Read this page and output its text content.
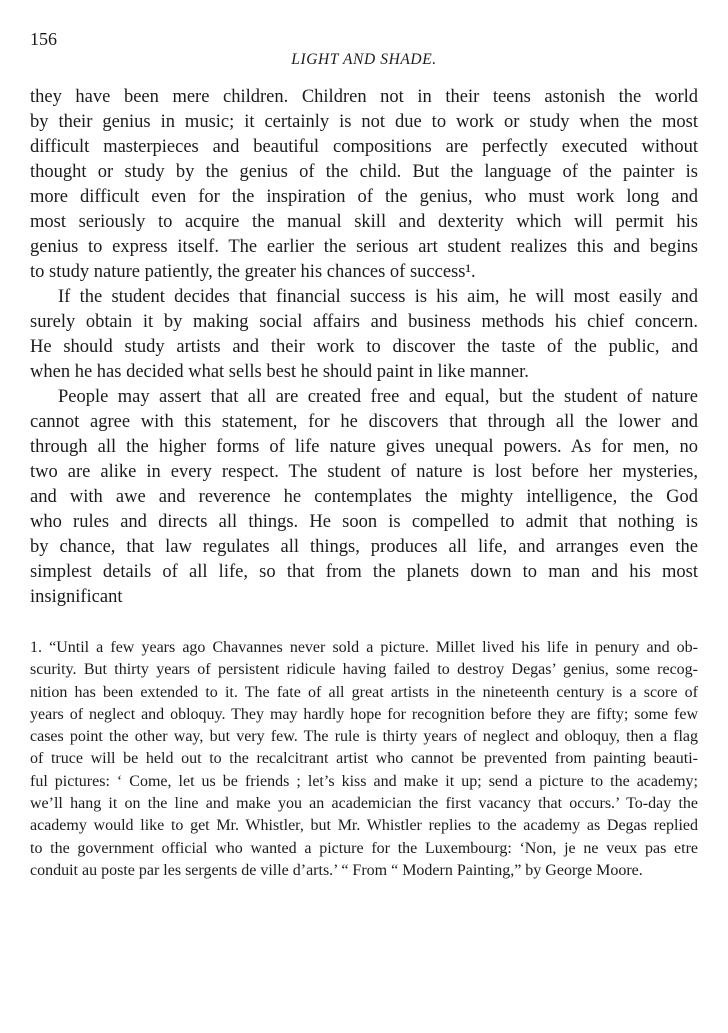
156
LIGHT AND SHADE.
they have been mere children. Children not in their teens astonish the world
by their genius in music; it certainly is not due to work or study when the most
difficult masterpieces and beautiful compositions are perfectly executed without
thought or study by the genius of the child. But the language of the painter is
more difficult even for the inspiration of the genius, who must work long and
most seriously to acquire the manual skill and dexterity which will permit his
genius to express itself. The earlier the serious art student realizes this and begins
to study nature patiently, the greater his chances of success¹.
If the student decides that financial success is his aim, he will most easily and
surely obtain it by making social affairs and business methods his chief concern.
He should study artists and their work to discover the taste of the public, and
when he has decided what sells best he should paint in like manner.
People may assert that all are created free and equal, but the student of nature
cannot agree with this statement, for he discovers that through all the lower and
through all the higher forms of life nature gives unequal powers. As for men, no
two are alike in every respect. The student of nature is lost before her mysteries,
and with awe and reverence he contemplates the mighty intelligence, the God
who rules and directs all things. He soon is compelled to admit that nothing is
by chance, that law regulates all things, produces all life, and arranges even the
simplest details of all life, so that from the planets down to man and his most
insignificant
1. “Until a few years ago Chavannes never sold a picture. Millet lived his life in penury and ob-
scurity. But thirty years of persistent ridicule having failed to destroy Degas’ genius, some recog-
nition has been extended to it. The fate of all great artists in the nineteenth century is a score of
years of neglect and obloquy. They may hardly hope for recognition before they are fifty; some few
cases point the other way, but very few. The rule is thirty years of neglect and obloquy, then a flag
of truce will be held out to the recalcitrant artist who cannot be prevented from painting beauti-
ful pictures: ‘ Come, let us be friends ; let’s kiss and make it up; send a picture to the academy;
we’ll hang it on the line and make you an academician the first vacancy that occurs.’ To-day the
academy would like to get Mr. Whistler, but Mr. Whistler replies to the academy as Degas replied
to the government official who wanted a picture for the Luxembourg: ‘Non, je ne veux pas etre
conduit au poste par les sergents de ville d’arts.’ “ From “ Modern Painting,” by George Moore.
